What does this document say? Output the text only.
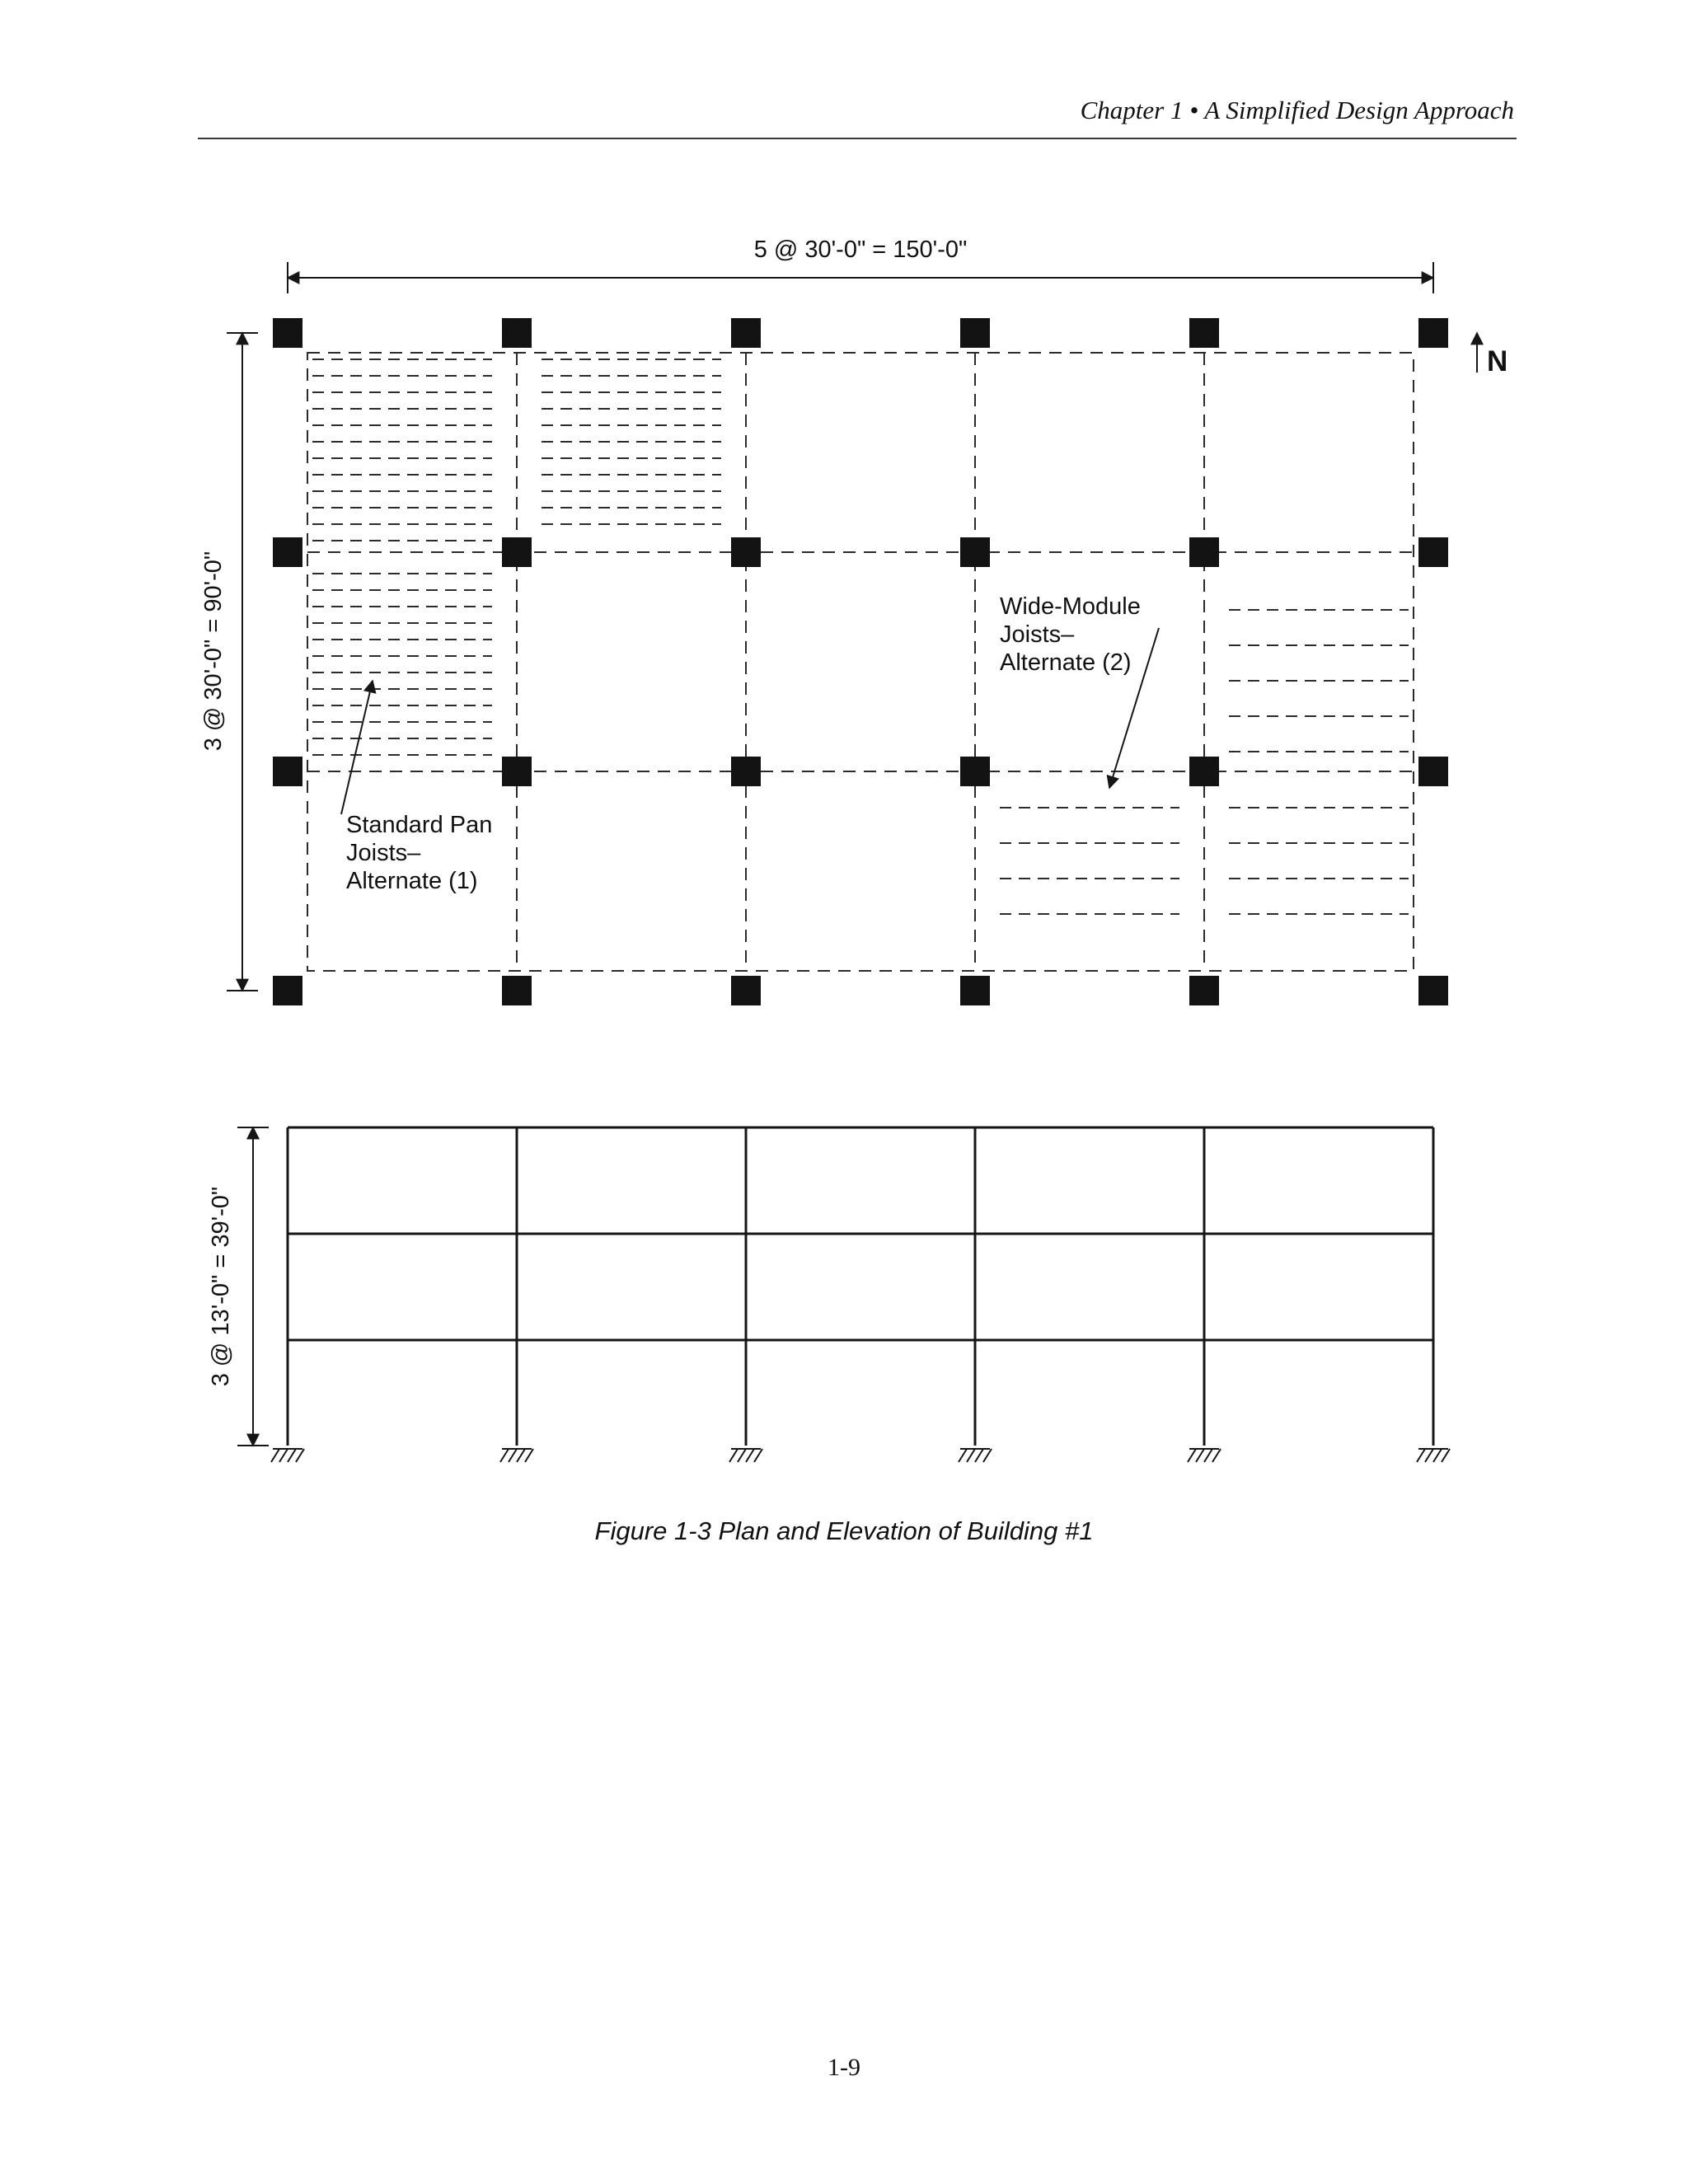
Chapter 1 • A Simplified Design Approach
5 @ 30'-0" = 150'-0"
3 @ 30'-0" = 90'-0"
N
Wide-Module
Joists–
Alternate (2)
Standard Pan
Joists–
Alternate (1)
3 @ 13'-0" = 39'-0"
Figure 1-3 Plan and Elevation of Building #1
1-9
